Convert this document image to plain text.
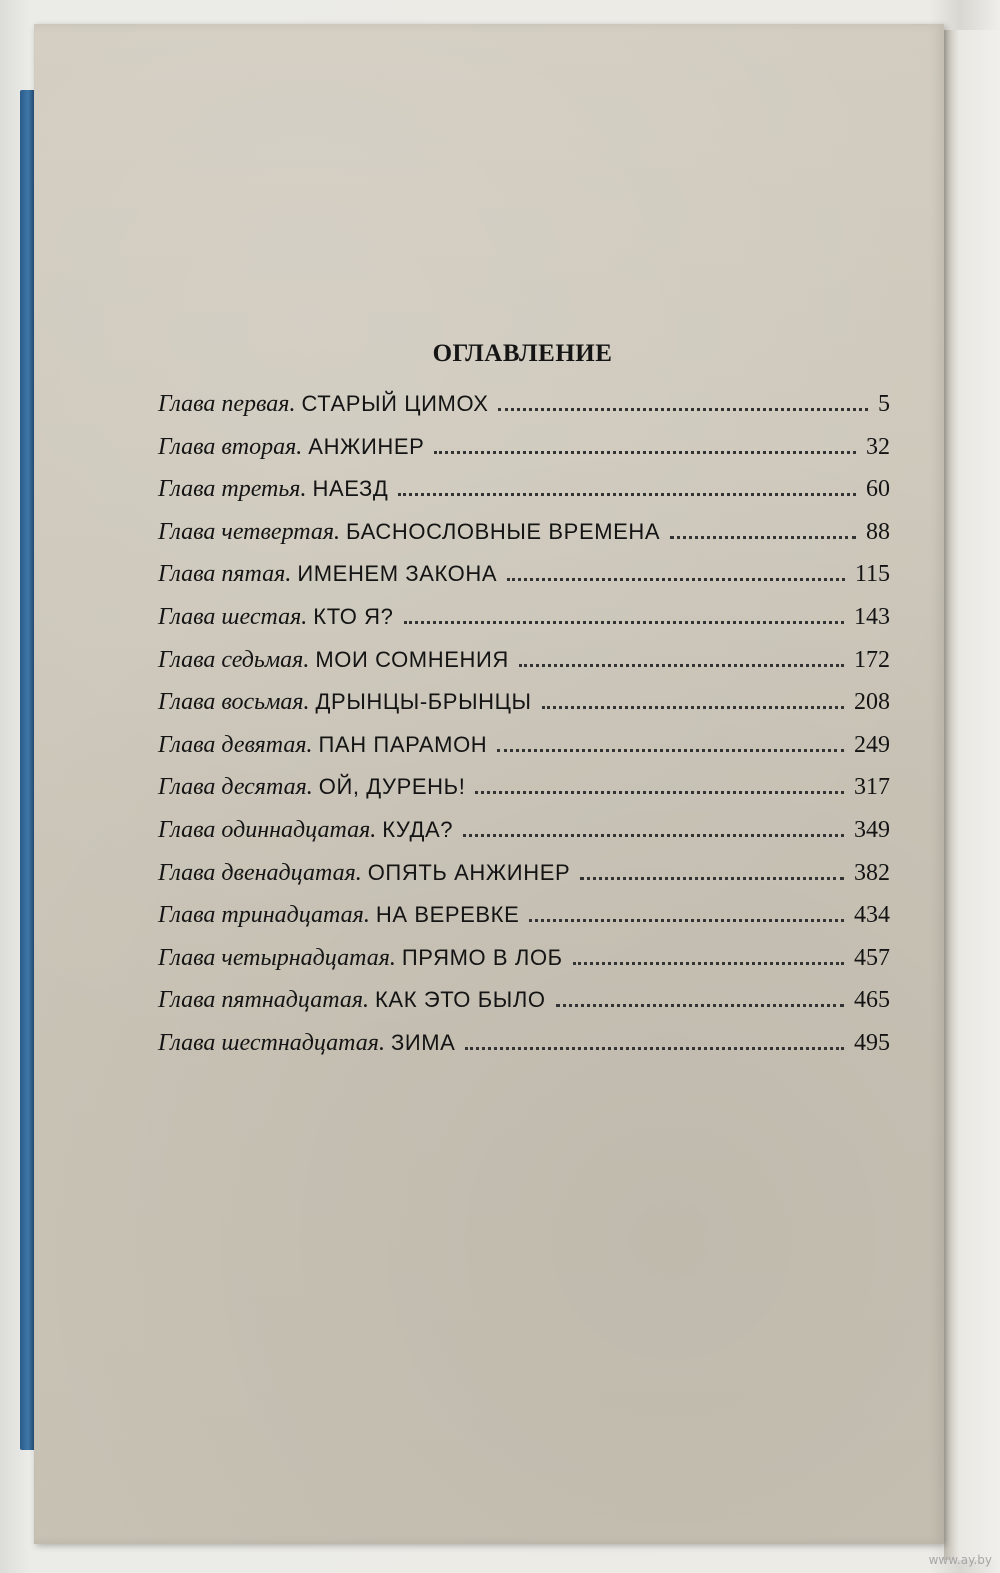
ОГЛАВЛЕНИЕ
Глава первая . СТАРЫЙ ЦИМОХ	5
Глава вторая . АНЖИНЕР	32
Глава третья . НАЕЗД	60
Глава четвертая . БАСНОСЛОВНЫЕ ВРЕМЕНА	88
Глава пятая . ИМЕНЕМ ЗАКОНА	115
Глава шестая . КТО Я?	143
Глава седьмая . МОИ СОМНЕНИЯ	172
Глава восьмая . ДРЫНЦЫ-БРЫНЦЫ	208
Глава девятая . ПАН ПАРАМОН	249
Глава десятая . ОЙ, ДУРЕНЬ!	317
Глава одиннадцатая . КУДА?	349
Глава двенадцатая . ОПЯТЬ АНЖИНЕР	382
Глава тринадцатая . НА ВЕРЕВКЕ	434
Глава четырнадцатая . ПРЯМО В ЛОБ	457
Глава пятнадцатая . КАК ЭТО БЫЛО	465
Глава шестнадцатая . ЗИМА	495
www.ay.by
